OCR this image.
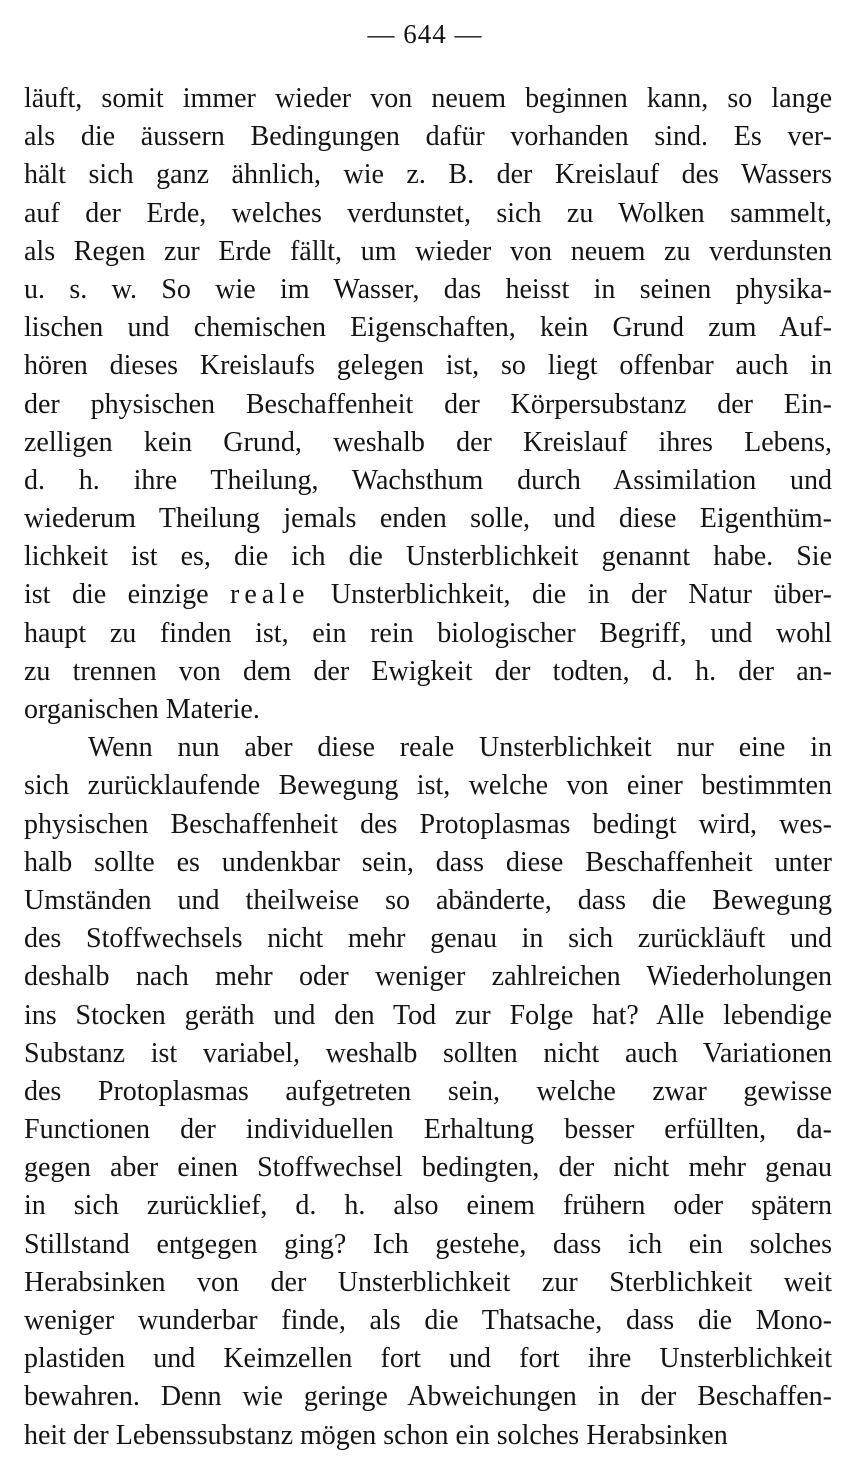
— 644 —
läuft, somit immer wieder von neuem beginnen kann, so lange
als die äussern Bedingungen dafür vorhanden sind. Es ver-
hält sich ganz ähnlich, wie z. B. der Kreislauf des Wassers
auf der Erde, welches verdunstet, sich zu Wolken sammelt,
als Regen zur Erde fällt, um wieder von neuem zu verdunsten
u. s. w. So wie im Wasser, das heisst in seinen physika-
lischen und chemischen Eigenschaften, kein Grund zum Auf-
hören dieses Kreislaufs gelegen ist, so liegt offenbar auch in
der physischen Beschaffenheit der Körpersubstanz der Ein-
zelligen kein Grund, weshalb der Kreislauf ihres Lebens,
d. h. ihre Theilung, Wachsthum durch Assimilation und
wiederum Theilung jemals enden solle, und diese Eigenthüm-
lichkeit ist es, die ich die Unsterblichkeit genannt habe. Sie
ist die einzige reale Unsterblichkeit, die in der Natur über-
haupt zu finden ist, ein rein biologischer Begriff, und wohl
zu trennen von dem der Ewigkeit der todten, d. h. der an-
organischen Materie.
Wenn nun aber diese reale Unsterblichkeit nur eine in
sich zurücklaufende Bewegung ist, welche von einer bestimmten
physischen Beschaffenheit des Protoplasmas bedingt wird, wes-
halb sollte es undenkbar sein, dass diese Beschaffenheit unter
Umständen und theilweise so abänderte, dass die Bewegung
des Stoffwechsels nicht mehr genau in sich zurückläuft und
deshalb nach mehr oder weniger zahlreichen Wiederholungen
ins Stocken geräth und den Tod zur Folge hat? Alle lebendige
Substanz ist variabel, weshalb sollten nicht auch Variationen
des Protoplasmas aufgetreten sein, welche zwar gewisse
Functionen der individuellen Erhaltung besser erfüllten, da-
gegen aber einen Stoffwechsel bedingten, der nicht mehr genau
in sich zurücklief, d. h. also einem frühern oder spätern
Stillstand entgegen ging? Ich gestehe, dass ich ein solches
Herabsinken von der Unsterblichkeit zur Sterblichkeit weit
weniger wunderbar finde, als die Thatsache, dass die Mono-
plastiden und Keimzellen fort und fort ihre Unsterblichkeit
bewahren. Denn wie geringe Abweichungen in der Beschaffen-
heit der Lebenssubstanz mögen schon ein solches Herabsinken
